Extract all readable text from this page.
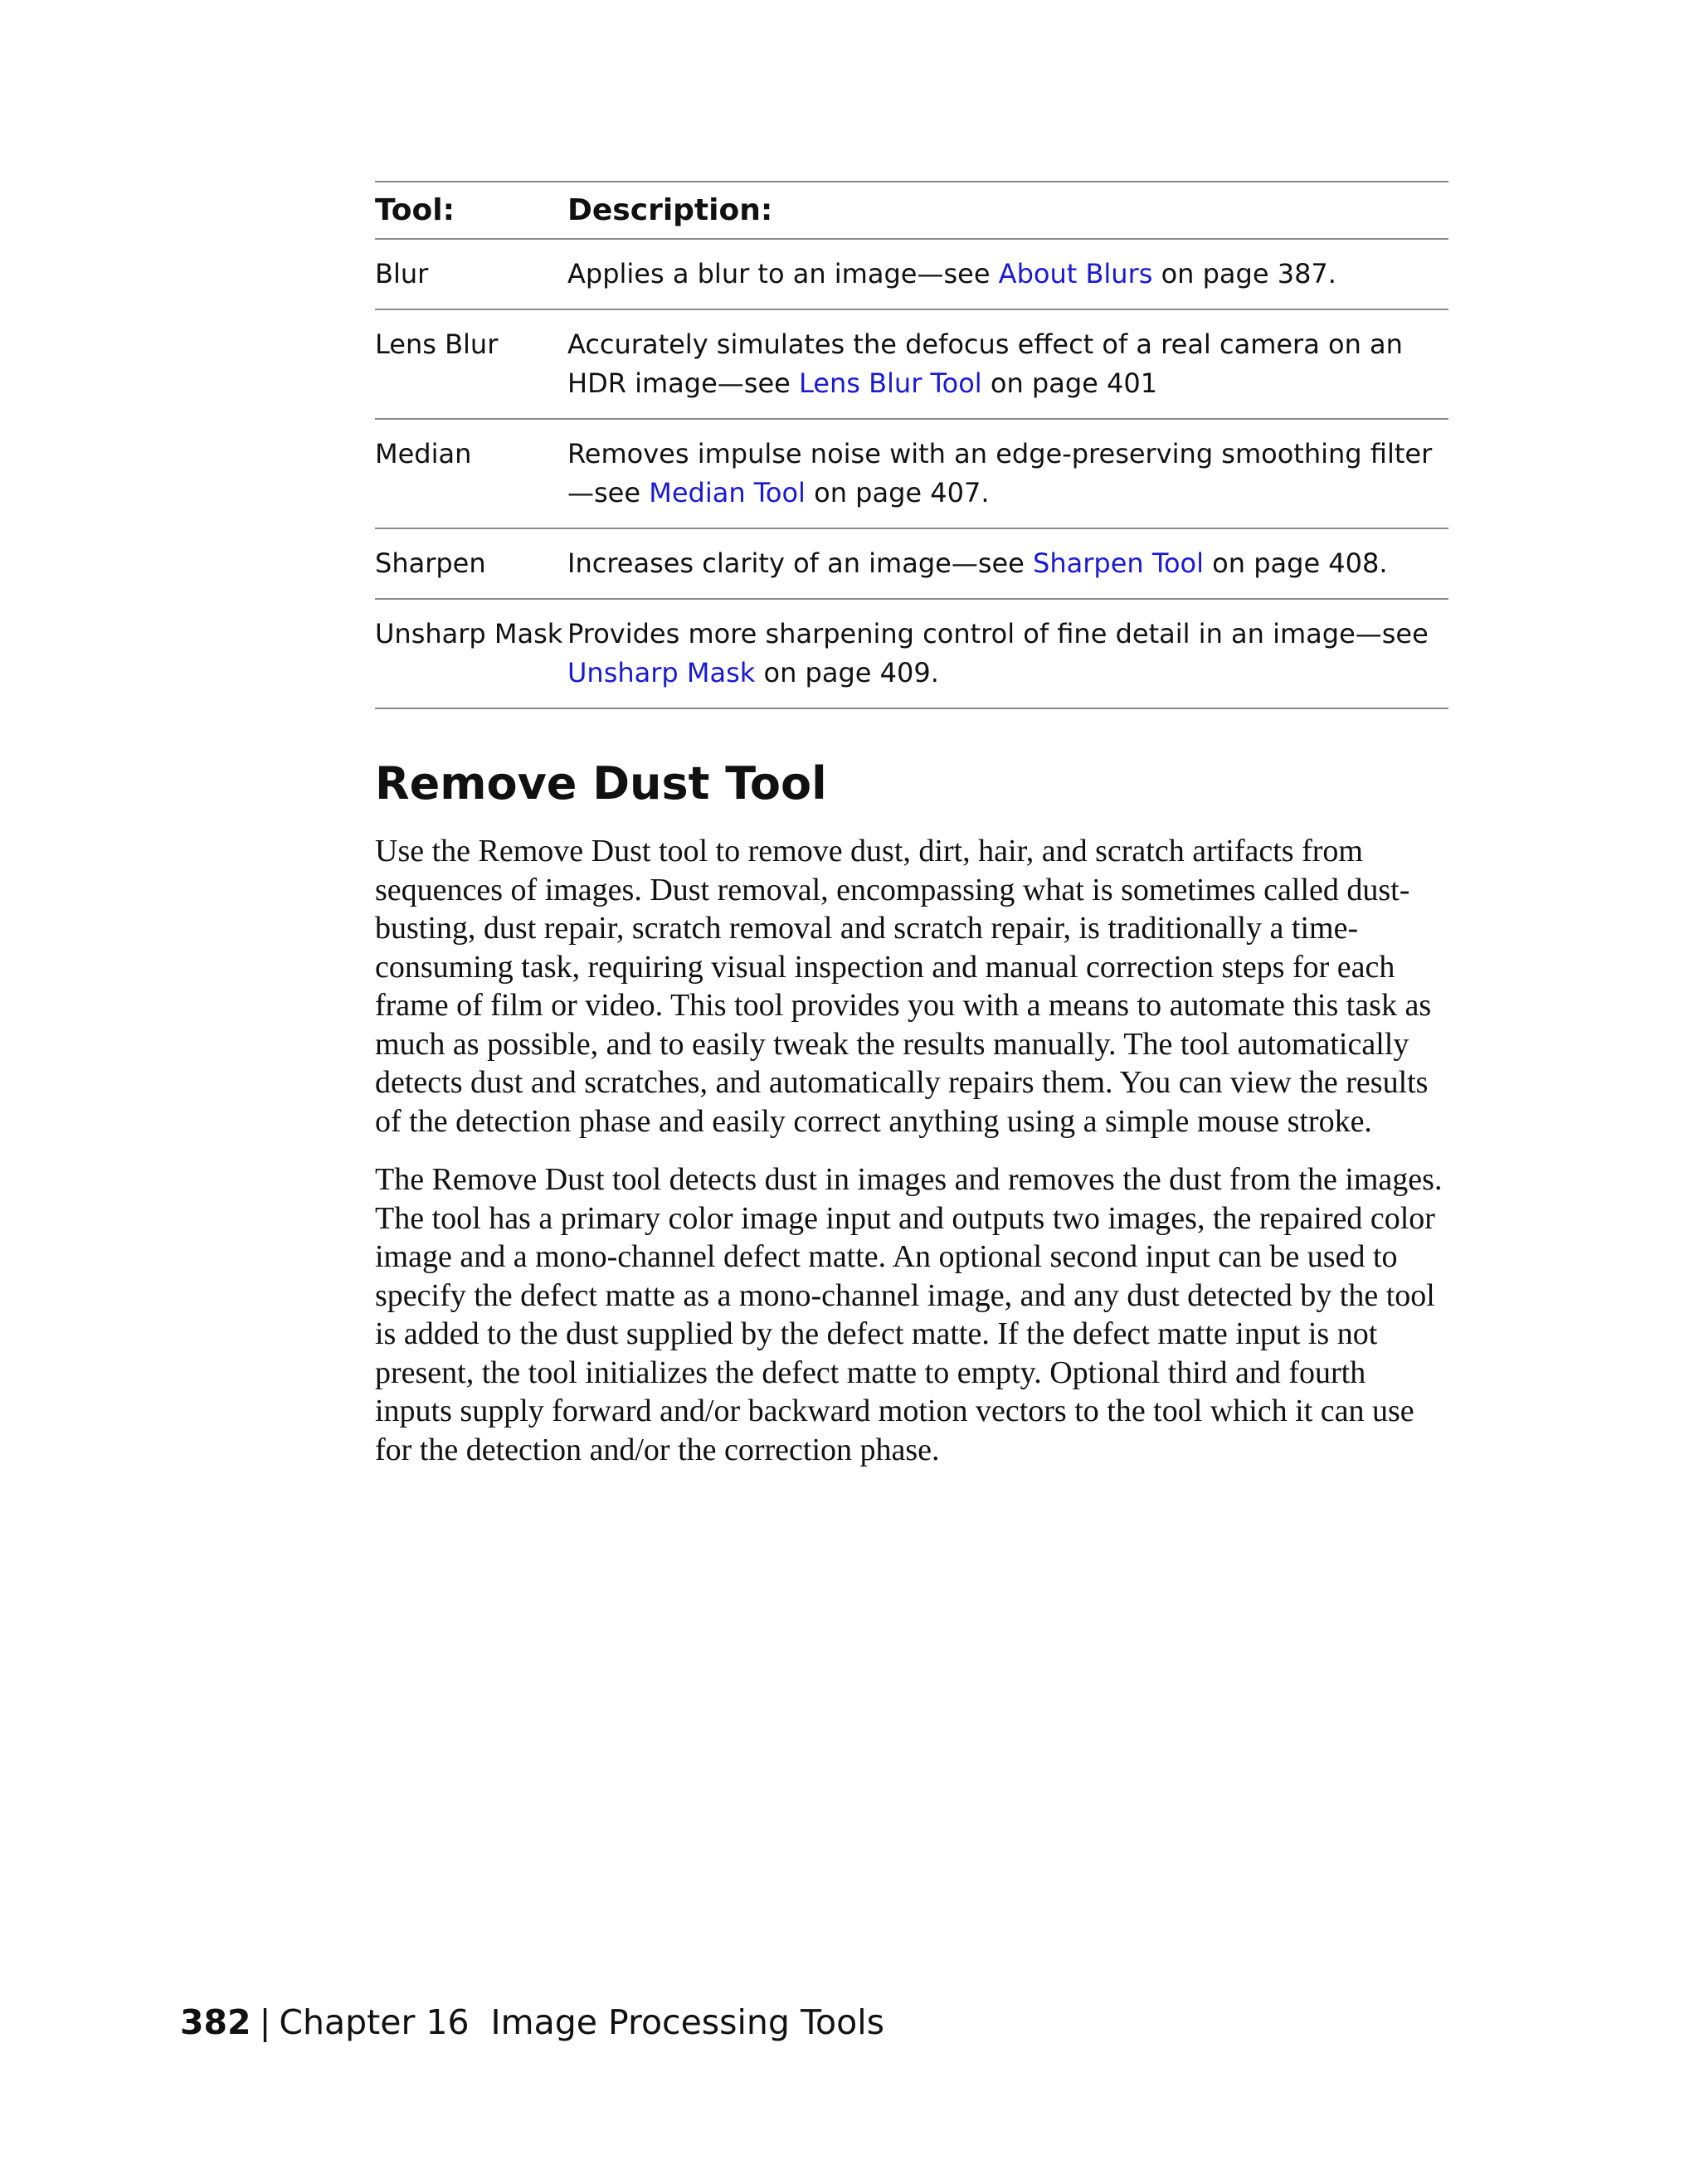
Tool:	Description:
Blur	Applies a blur to an image—see About Blurs on page 387.
Lens Blur	Accurately simulates the defocus effect of a real camera on an HDR image—see Lens Blur Tool on page 401
Median	Removes impulse noise with an edge-preserving smoothing filter—see Median Tool on page 407.
Sharpen	Increases clarity of an image—see Sharpen Tool on page 408.
Unsharp Mask	Provides more sharpening control of fine detail in an image—see Unsharp Mask on page 409.
Remove Dust Tool

Use the Remove Dust tool to remove dust, dirt, hair, and scratch artifacts from sequences of images. Dust removal, encompassing what is sometimes called dust-busting, dust repair, scratch removal and scratch repair, is traditionally a time-consuming task, requiring visual inspection and manual correction steps for each frame of film or video. This tool provides you with a means to automate this task as much as possible, and to easily tweak the results manually. The tool automatically detects dust and scratches, and automatically repairs them. You can view the results of the detection phase and easily correct anything using a simple mouse stroke.

The Remove Dust tool detects dust in images and removes the dust from the images. The tool has a primary color image input and outputs two images, the repaired color image and a mono-channel defect matte. An optional second input can be used to specify the defect matte as a mono-channel image, and any dust detected by the tool is added to the dust supplied by the defect matte. If the defect matte input is not present, the tool initializes the defect matte to empty. Optional third and fourth inputs supply forward and/or backward motion vectors to the tool which it can use for the detection and/or the correction phase.

382 | Chapter 16 Image Processing Tools
